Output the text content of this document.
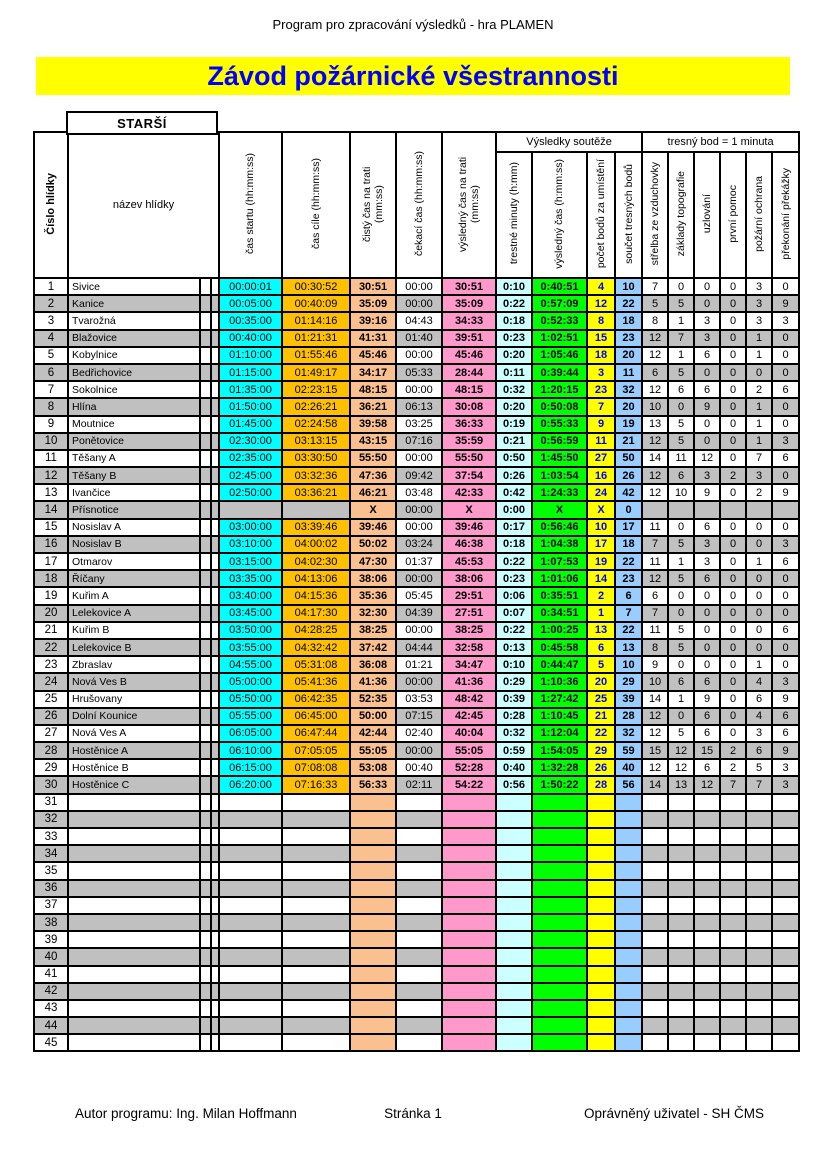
Program pro zpracování výsledků - hra PLAMEN
Závod požárnické všestrannosti
STARŠÍ
Číslo hlídky	název hlídky			čas startu (hh:mm:ss)	čas cíle (hh:mm:ss)	čistý čas na trati (mm:ss)	čekací čas (hh:mm:ss)	výsledný čas na trati (mm:ss)	Výsledky soutěže				tresný bod = 1 minuta					
									trestné minuty (h:mm)	výsledný čas (h:mm:ss)	počet bodů za umístění	součet tresných bodů	střelba ze vzduchovky	základy topografie	uzlování	první pomoc	požární ochrana	překonání překážky
1	Sivice			00:00:01	00:30:52	30:51	00:00	30:51	0:10	0:40:51	4	10	7	0	0	0	3	0
2	Kanice			00:05:00	00:40:09	35:09	00:00	35:09	0:22	0:57:09	12	22	5	5	0	0	3	9
3	Tvarožná			00:35:00	01:14:16	39:16	04:43	34:33	0:18	0:52:33	8	18	8	1	3	0	3	3
4	Blažovice			00:40:00	01:21:31	41:31	01:40	39:51	0:23	1:02:51	15	23	12	7	3	0	1	0
5	Kobylnice			01:10:00	01:55:46	45:46	00:00	45:46	0:20	1:05:46	18	20	12	1	6	0	1	0
6	Bedřichovice			01:15:00	01:49:17	34:17	05:33	28:44	0:11	0:39:44	3	11	6	5	0	0	0	0
7	Sokolnice			01:35:00	02:23:15	48:15	00:00	48:15	0:32	1:20:15	23	32	12	6	6	0	2	6
8	Hlína			01:50:00	02:26:21	36:21	06:13	30:08	0:20	0:50:08	7	20	10	0	9	0	1	0
9	Moutnice			01:45:00	02:24:58	39:58	03:25	36:33	0:19	0:55:33	9	19	13	5	0	0	1	0
10	Ponětovice			02:30:00	03:13:15	43:15	07:16	35:59	0:21	0:56:59	11	21	12	5	0	0	1	3
11	Těšany A			02:35:00	03:30:50	55:50	00:00	55:50	0:50	1:45:50	27	50	14	11	12	0	7	6
12	Těšany B			02:45:00	03:32:36	47:36	09:42	37:54	0:26	1:03:54	16	26	12	6	3	2	3	0
13	Ivančice			02:50:00	03:36:21	46:21	03:48	42:33	0:42	1:24:33	24	42	12	10	9	0	2	9
14	Přísnotice					X	00:00	X	0:00	X	X	0						
15	Nosislav A			03:00:00	03:39:46	39:46	00:00	39:46	0:17	0:56:46	10	17	11	0	6	0	0	0
16	Nosislav B			03:10:00	04:00:02	50:02	03:24	46:38	0:18	1:04:38	17	18	7	5	3	0	0	3
17	Otmarov			03:15:00	04:02:30	47:30	01:37	45:53	0:22	1:07:53	19	22	11	1	3	0	1	6
18	Říčany			03:35:00	04:13:06	38:06	00:00	38:06	0:23	1:01:06	14	23	12	5	6	0	0	0
19	Kuřim A			03:40:00	04:15:36	35:36	05:45	29:51	0:06	0:35:51	2	6	6	0	0	0	0	0
20	Lelekovice A			03:45:00	04:17:30	32:30	04:39	27:51	0:07	0:34:51	1	7	7	0	0	0	0	0
21	Kuřim B			03:50:00	04:28:25	38:25	00:00	38:25	0:22	1:00:25	13	22	11	5	0	0	0	6
22	Lelekovice B			03:55:00	04:32:42	37:42	04:44	32:58	0:13	0:45:58	6	13	8	5	0	0	0	0
23	Zbraslav			04:55:00	05:31:08	36:08	01:21	34:47	0:10	0:44:47	5	10	9	0	0	0	1	0
24	Nová Ves B			05:00:00	05:41:36	41:36	00:00	41:36	0:29	1:10:36	20	29	10	6	6	0	4	3
25	Hrušovany			05:50:00	06:42:35	52:35	03:53	48:42	0:39	1:27:42	25	39	14	1	9	0	6	9
26	Dolní Kounice			05:55:00	06:45:00	50:00	07:15	42:45	0:28	1:10:45	21	28	12	0	6	0	4	6
27	Nová Ves A			06:05:00	06:47:44	42:44	02:40	40:04	0:32	1:12:04	22	32	12	5	6	0	3	6
28	Hostěnice A			06:10:00	07:05:05	55:05	00:00	55:05	0:59	1:54:05	29	59	15	12	15	2	6	9
29	Hostěnice B			06:15:00	07:08:08	53:08	00:40	52:28	0:40	1:32:28	26	40	12	12	6	2	5	3
30	Hostěnice C			06:20:00	07:16:33	56:33	02:11	54:22	0:56	1:50:22	28	56	14	13	12	7	7	3
31																		
32																		
33																		
34																		
35																		
36																		
37																		
38																		
39																		
40																		
41																		
42																		
43																		
44																		
45																		
Autor programu: Ing. Milan Hoffmann	Stránka 1	Oprávněný uživatel - SH ČMS
